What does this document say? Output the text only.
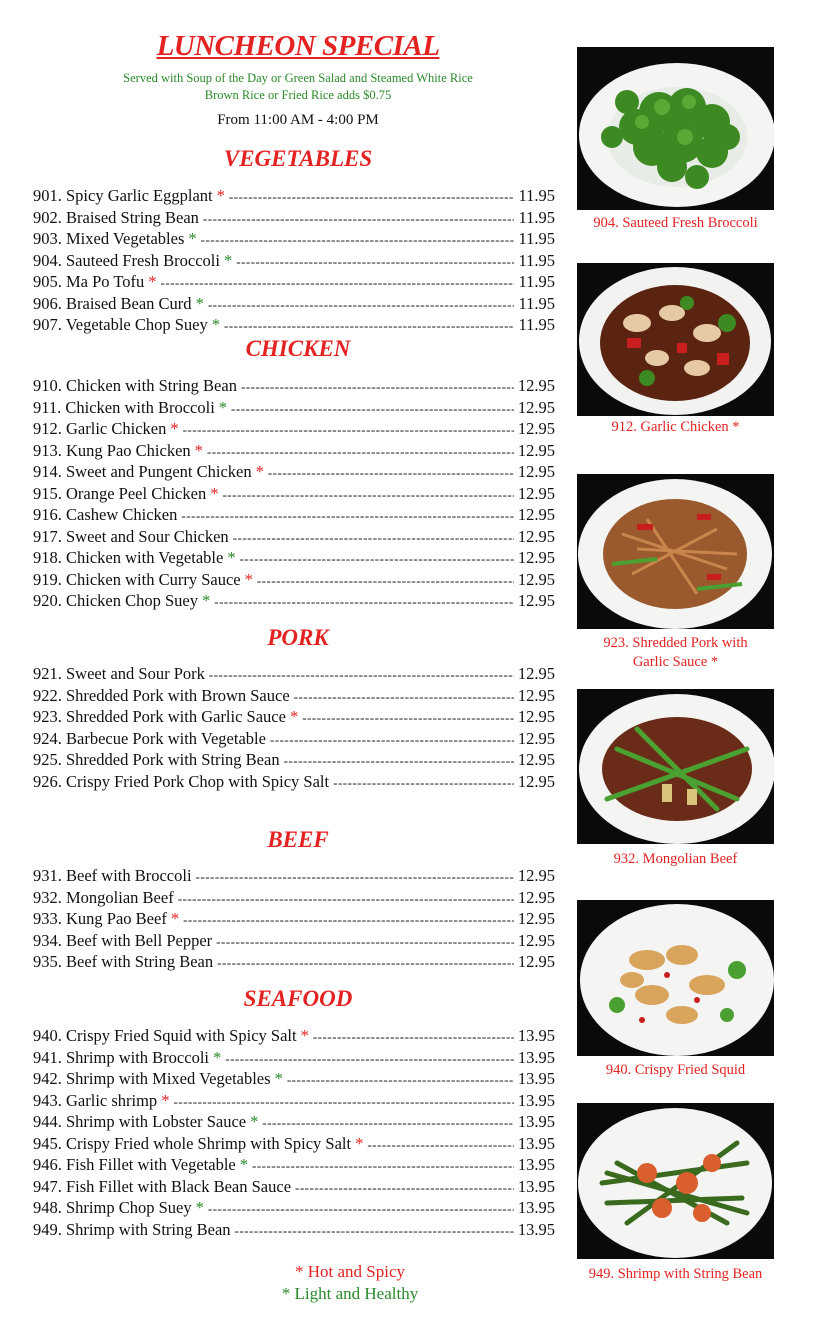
LUNCHEON SPECIAL
Served with Soup of the Day or Green Salad and Steamed White Rice
Brown Rice or Fried Rice adds $0.75
From 11:00 AM - 4:00 PM
VEGETABLES
901. Spicy Garlic Eggplant * -----	11.95
902. Braised String Bean -----	11.95
903. Mixed Vegetables * -----	11.95
904. Sauteed Fresh Broccoli * -----	11.95
905. Ma Po Tofu * -----	11.95
906. Braised Bean Curd * -----	11.95
907. Vegetable Chop Suey * -----	11.95
CHICKEN
910. Chicken with String Bean -----	12.95
911. Chicken with Broccoli * -----	12.95
912. Garlic Chicken * -----	12.95
913. Kung Pao Chicken * -----	12.95
914. Sweet and Pungent Chicken * -----	12.95
915. Orange Peel Chicken * -----	12.95
916. Cashew Chicken -----	12.95
917. Sweet and Sour Chicken -----	12.95
918. Chicken with Vegetable * -----	12.95
919. Chicken with Curry Sauce * -----	12.95
920. Chicken Chop Suey * -----	12.95
PORK
921. Sweet and Sour Pork -----	12.95
922. Shredded Pork with Brown Sauce -----	12.95
923. Shredded Pork with Garlic Sauce * -----	12.95
924. Barbecue Pork with Vegetable -----	12.95
925. Shredded Pork with String Bean -----	12.95
926. Crispy Fried Pork Chop with Spicy Salt -----	12.95
BEEF
931. Beef with Broccoli -----	12.95
932. Mongolian Beef -----	12.95
933. Kung Pao Beef * -----	12.95
934. Beef with Bell Pepper -----	12.95
935. Beef with String Bean -----	12.95
SEAFOOD
940. Crispy Fried Squid with Spicy Salt * -----	13.95
941. Shrimp with Broccoli * -----	13.95
942. Shrimp with Mixed Vegetables * -----	13.95
943. Garlic shrimp * -----	13.95
944. Shrimp with Lobster Sauce * -----	13.95
945. Crispy Fried whole Shrimp with Spicy Salt * -----	13.95
946. Fish Fillet with Vegetable * -----	13.95
947. Fish Fillet with Black Bean Sauce -----	13.95
948. Shrimp Chop Suey * -----	13.95
949. Shrimp with String Bean -----	13.95
904. Sauteed Fresh Broccoli
912. Garlic Chicken *
923. Shredded Pork with
Garlic Sauce *
932. Mongolian Beef
940. Crispy Fried Squid
949. Shrimp with String Bean
* Hot and Spicy
* Light and Healthy
